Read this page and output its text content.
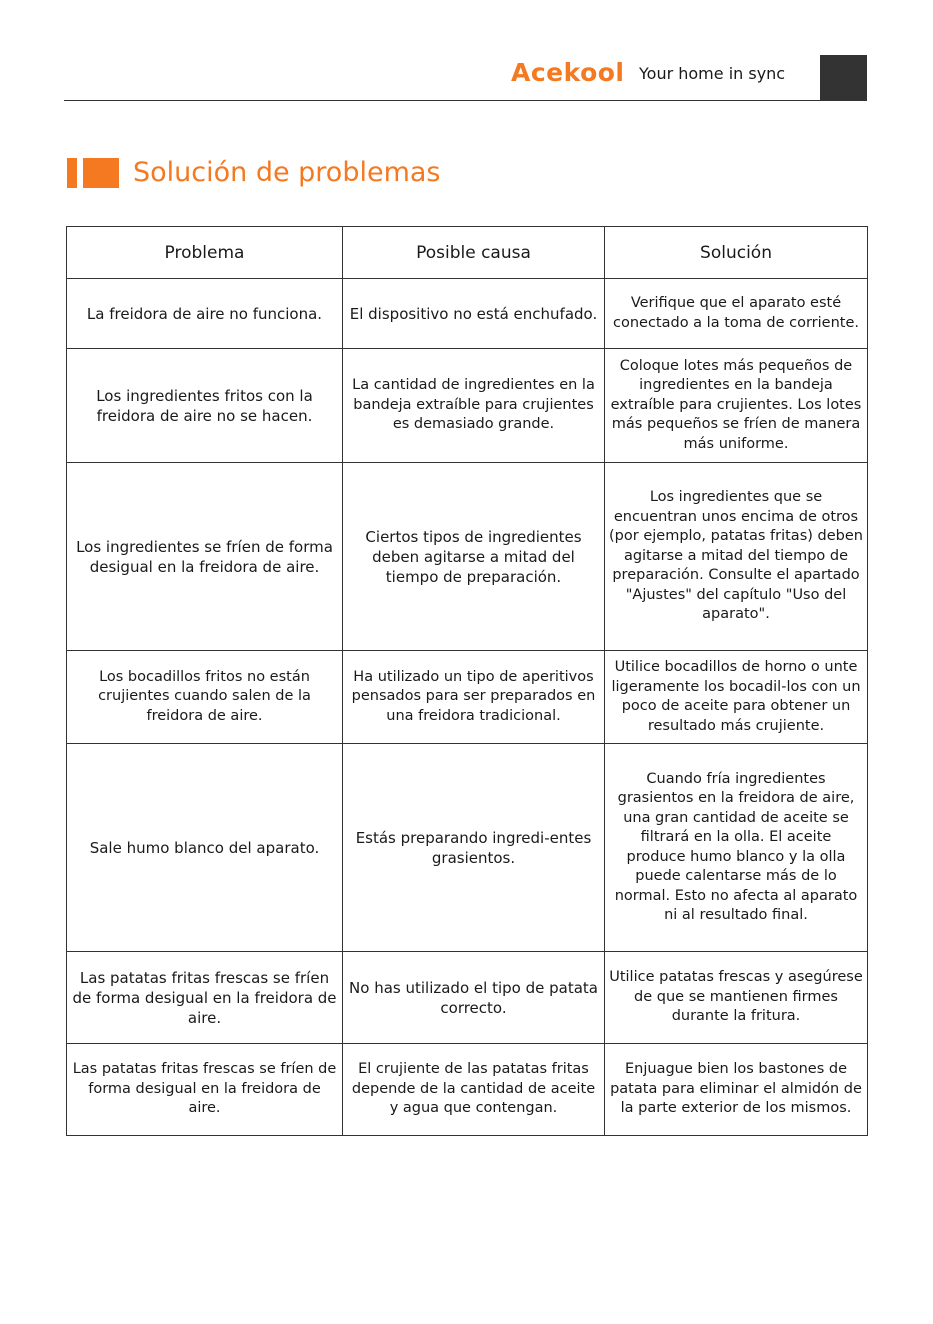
Acekool Your home in sync
Solución de problemas
Problema	Posible causa	Solución
La freidora de aire no funciona.	El dispositivo no está enchufado.	Verifique que el aparato esté conectado a la toma de corriente.
Los ingredientes fritos con la freidora de aire no se hacen.	La cantidad de ingredientes en la bandeja extraíble para crujientes es demasiado grande.	Coloque lotes más pequeños de ingredientes en la bandeja extraíble para crujientes. Los lotes más pequeños se fríen de manera más uniforme.
Los ingredientes se fríen de forma desigual en la freidora de aire.	Ciertos tipos de ingredientes deben agitarse a mitad del tiempo de preparación.	Los ingredientes que se encuentran unos encima de otros (por ejemplo, patatas fritas) deben agitarse a mitad del tiempo de preparación. Consulte el apartado "Ajustes" del capítulo "Uso del aparato".
Los bocadillos fritos no están crujientes cuando salen de la freidora de aire.	Ha utilizado un tipo de aperitivos pensados para ser preparados en una freidora tradicional.	Utilice bocadillos de horno o unte ligeramente los bocadil-los con un poco de aceite para obtener un resultado más crujiente.
Sale humo blanco del aparato.	Estás preparando ingredi-entes grasientos.	Cuando fría ingredientes grasientos en la freidora de aire, una gran cantidad de aceite se filtrará en la olla. El aceite produce humo blanco y la olla puede calentarse más de lo normal. Esto no afecta al aparato ni al resultado final.
Las patatas fritas frescas se fríen de forma desigual en la freidora de aire.	No has utilizado el tipo de patata correcto.	Utilice patatas frescas y asegúrese de que se mantienen firmes durante la fritura.
Las patatas fritas frescas se fríen de forma desigual en la freidora de aire.	El crujiente de las patatas fritas depende de la cantidad de aceite y agua que contengan.	Enjuague bien los bastones de patata para eliminar el almidón de la parte exterior de los mismos.
